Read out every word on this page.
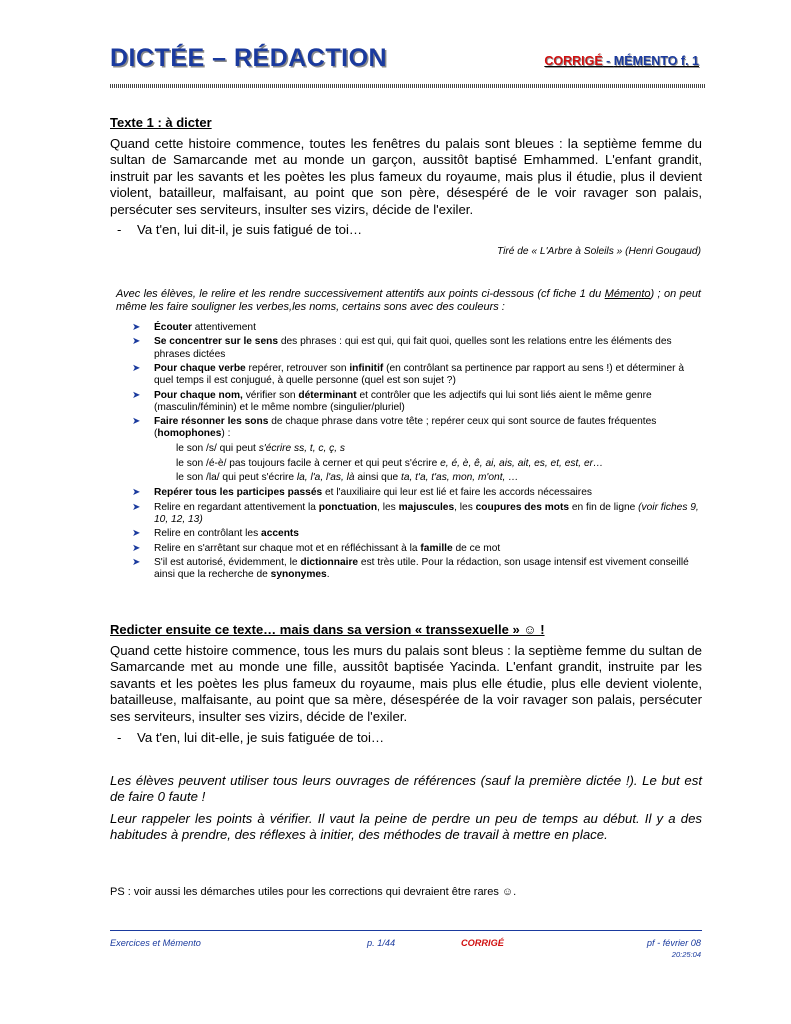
DICTÉE – RÉDACTION	CORRIGÉ - MÉMENTO f. 1
Texte 1 : à dicter
Quand cette histoire commence, toutes les fenêtres du palais sont bleues : la septième femme du sultan de Samarcande met au monde un garçon, aussitôt baptisé Emhammed. L'enfant grandit, instruit par les savants et les poètes les plus fameux du royaume, mais plus il étudie, plus il devient violent, batailleur, malfaisant, au point que son père, désespéré de le voir ravager son palais, persécuter ses serviteurs, insulter ses vizirs, décide de l'exiler.
- Va t'en, lui dit-il, je suis fatigué de toi…
Tiré de « L'Arbre à Soleils » (Henri Gougaud)
Avec les élèves, le relire et les rendre successivement attentifs aux points ci-dessous (cf fiche 1 du Mémento) ; on peut même les faire souligner les verbes,les noms, certains sons avec des couleurs :
➤ Écouter attentivement
➤ Se concentrer sur le sens des phrases : qui est qui, qui fait quoi, quelles sont les relations entre les éléments des phrases dictées
➤ Pour chaque verbe repérer, retrouver son infinitif (en contrôlant sa pertinence par rapport au sens !) et déterminer à quel temps il est conjugué, à quelle personne (quel est son sujet ?)
➤ Pour chaque nom, vérifier son déterminant et contrôler que les adjectifs qui lui sont liés aient le même genre (masculin/féminin) et le même nombre (singulier/pluriel)
➤ Faire résonner les sons de chaque phrase dans votre tête ; repérer ceux qui sont source de fautes fréquentes (homophones) :
le son /s/ qui peut s'écrire ss, t, c, ç, s
le son /é-è/ pas toujours facile à cerner et qui peut s'écrire e, é, è, ê, ai, ais, ait, es, et, est, er…
le son /la/ qui peut s'écrire la, l'a, l'as, là ainsi que ta, t'a, t'as, mon, m'ont, …
➤ Repérer tous les participes passés et l'auxiliaire qui leur est lié et faire les accords nécessaires
➤ Relire en regardant attentivement la ponctuation, les majuscules, les coupures des mots en fin de ligne (voir fiches 9, 10, 12, 13)
➤ Relire en contrôlant les accents
➤ Relire en s'arrêtant sur chaque mot et en réfléchissant à la famille de ce mot
➤ S'il est autorisé, évidemment, le dictionnaire est très utile. Pour la rédaction, son usage intensif est vivement conseillé ainsi que la recherche de synonymes.
Redicter ensuite ce texte… mais dans sa version « transsexuelle » ☺ !
Quand cette histoire commence, tous les murs du palais sont bleus : la septième femme du sultan de Samarcande met au monde une fille, aussitôt baptisée Yacinda. L'enfant grandit, instruite par les savants et les poètes les plus fameux du royaume, mais plus elle étudie, plus elle devient violente, batailleuse, malfaisante, au point que sa mère, désespérée de la voir ravager son palais, persécuter ses serviteurs, insulter ses vizirs, décide de l'exiler.
- Va t'en, lui dit-elle, je suis fatiguée de toi…
Les élèves peuvent utiliser tous leurs ouvrages de références (sauf la première dictée !). Le but est de faire 0 faute !
Leur rappeler les points à vérifier. Il vaut la peine de perdre un peu de temps au début. Il y a des habitudes à prendre, des réflexes à initier, des méthodes de travail à mettre en place.
PS : voir aussi les démarches utiles pour les corrections qui devraient être rares ☺.
Exercices et Mémento	p. 1/44	CORRIGÉ	pf - février 08
20:25:04
